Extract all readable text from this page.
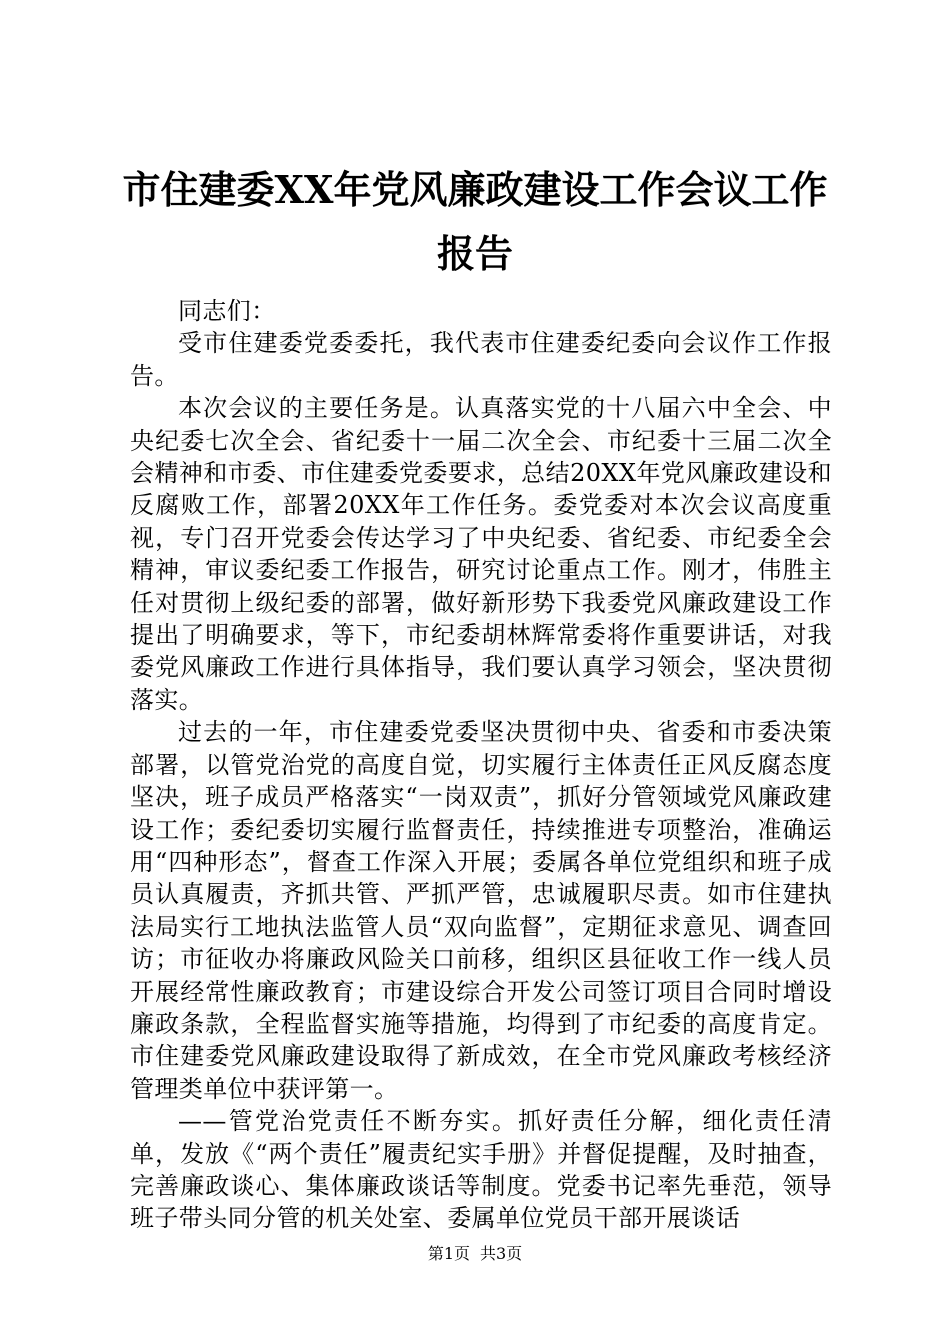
市住建委XX年党风廉政建设工作会议工作报告

同志们：

受市住建委党委委托，我代表市住建委纪委向会议作工作报告。

本次会议的主要任务是。认真落实党的十八届六中全会、中央纪委七次全会、省纪委十一届二次全会、市纪委十三届二次全会精神和市委、市住建委党委要求，总结20XX年党风廉政建设和反腐败工作，部署20XX年工作任务。委党委对本次会议高度重视，专门召开党委会传达学习了中央纪委、省纪委、市纪委全会精神，审议委纪委工作报告，研究讨论重点工作。刚才，伟胜主任对贯彻上级纪委的部署，做好新形势下我委党风廉政建设工作提出了明确要求，等下，市纪委胡林辉常委将作重要讲话，对我委党风廉政工作进行具体指导，我们要认真学习领会，坚决贯彻落实。

过去的一年，市住建委党委坚决贯彻中央、省委和市委决策部署，以管党治党的高度自觉，切实履行主体责任正风反腐态度坚决，班子成员严格落实“一岗双责”，抓好分管领域党风廉政建设工作；委纪委切实履行监督责任，持续推进专项整治，准确运用“四种形态”，督查工作深入开展；委属各单位党组织和班子成员认真履责，齐抓共管、严抓严管，忠诚履职尽责。如市住建执法局实行工地执法监管人员“双向监督”，定期征求意见、调查回访；市征收办将廉政风险关口前移，组织区县征收工作一线人员开展经常性廉政教育；市建设综合开发公司签订项目合同时增设廉政条款，全程监督实施等措施，均得到了市纪委的高度肯定。市住建委党风廉政建设取得了新成效，在全市党风廉政考核经济管理类单位中获评第一。

——管党治党责任不断夯实。抓好责任分解，细化责任清单，发放《“两个责任”履责纪实手册》并督促提醒，及时抽查，完善廉政谈心、集体廉政谈话等制度。党委书记率先垂范，领导班子带头同分管的机关处室、委属单位党员干部开展谈话

第1页 共3页
